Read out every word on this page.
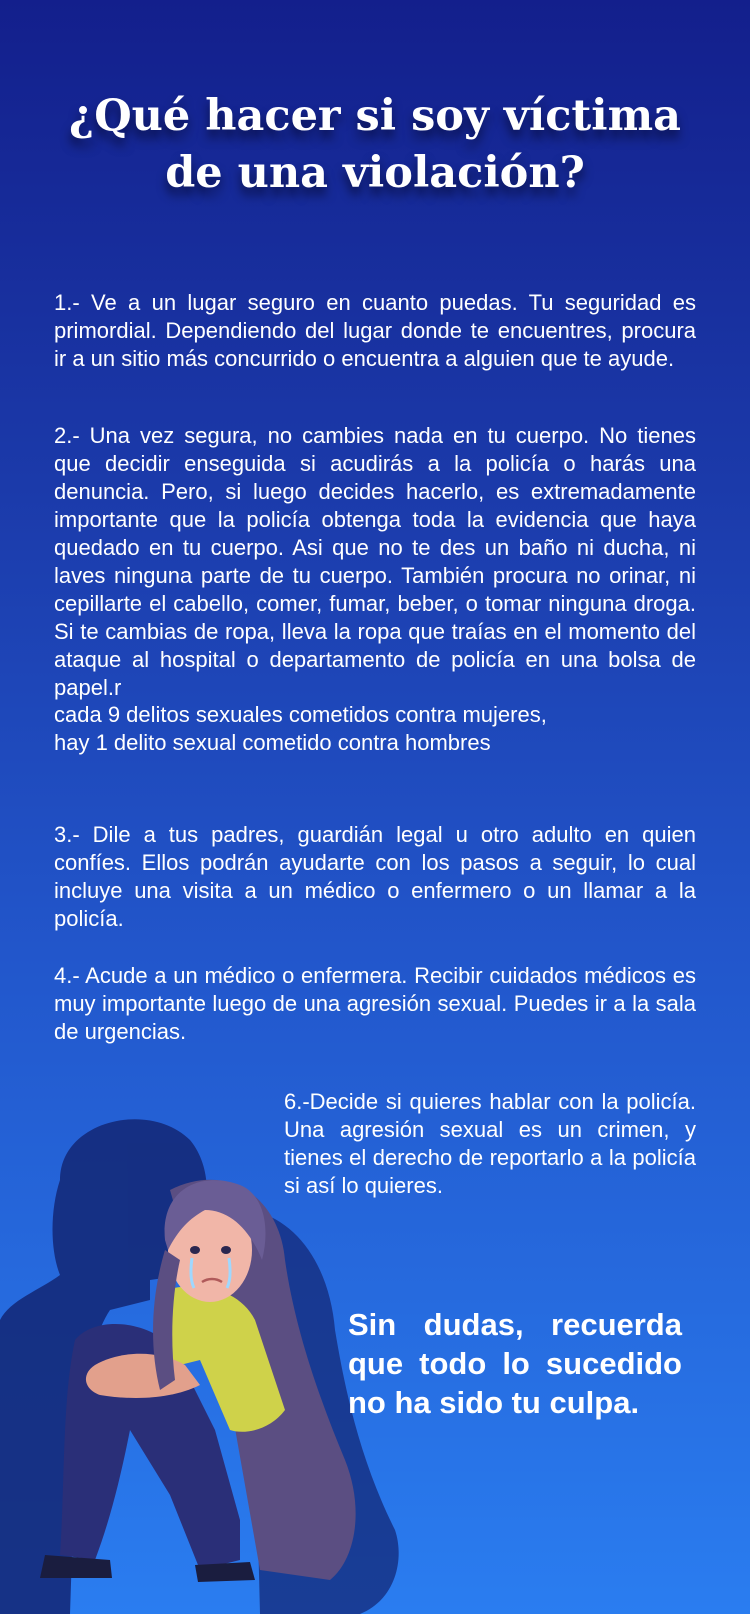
¿Qué hacer si soy víctima
de una violación?

1.- Ve a un lugar seguro en cuanto puedas. Tu seguridad es primordial. Dependiendo del lugar donde te encuentres, procura ir a un sitio más concurrido o encuentra a alguien que te ayude.

2.- Una vez segura, no cambies nada en tu cuerpo. No tienes que decidir enseguida si acudirás a la policía o harás una denuncia. Pero, si luego decides hacerlo, es extremadamente importante que la policía obtenga toda la evidencia que haya quedado en tu cuerpo. Asi que no te des un baño ni ducha, ni laves ninguna parte de tu cuerpo. También procura no orinar, ni cepillarte el cabello, comer, fumar, beber, o tomar ninguna droga. Si te cambias de ropa, lleva la ropa que traías en el momento del ataque al hospital o departamento de policía en una bolsa de papel.r

cada 9 delitos sexuales cometidos contra mujeres,
hay 1 delito sexual cometido contra hombres

3.- Dile a tus padres, guardián legal u otro adulto en quien confíes. Ellos podrán ayudarte con los pasos a seguir, lo cual incluye una visita a un médico o enfermero o un llamar a la policía.

4.- Acude a un médico o enfermera. Recibir cuidados médicos es muy importante luego de una agresión sexual. Puedes ir a la sala de urgencias.

6.-Decide si quieres hablar con la policía. Una agresión sexual es un crimen, y tienes el derecho de reportarlo a la policía si así lo quieres.

Sin dudas, recuerda que todo lo sucedido no ha sido tu culpa.
